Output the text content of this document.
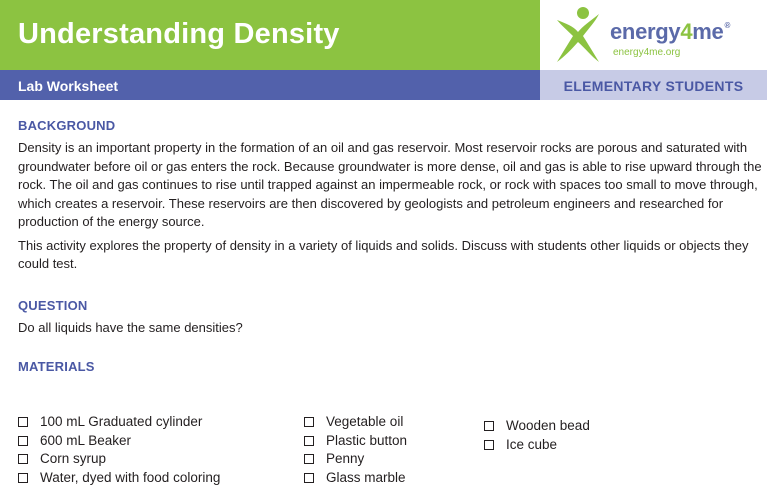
Understanding Density	energy4me®
energy4me.org
Lab Worksheet	ELEMENTARY STUDENTS
BACKGROUND

Density is an important property in the formation of an oil and gas reservoir. Most reservoir rocks are porous and saturated with groundwater before oil or gas enters the rock. Because groundwater is more dense, oil and gas is able to rise upward through the rock. The oil and gas continues to rise until trapped against an impermeable rock, or rock with spaces too small to move through, which creates a reservoir. These reservoirs are then discovered by geologists and petroleum engineers and researched for production of the energy source.

This activity explores the property of density in a variety of liquids and solids. Discuss with students other liquids or objects they could test.

QUESTION

Do all liquids have the same densities?

MATERIALS
100 mL Graduated cylinder
600 mL Beaker
Corn syrup
Water, dyed with food coloring
Vegetable oil
Plastic button
Penny
Glass marble
Wooden bead
Ice cube
